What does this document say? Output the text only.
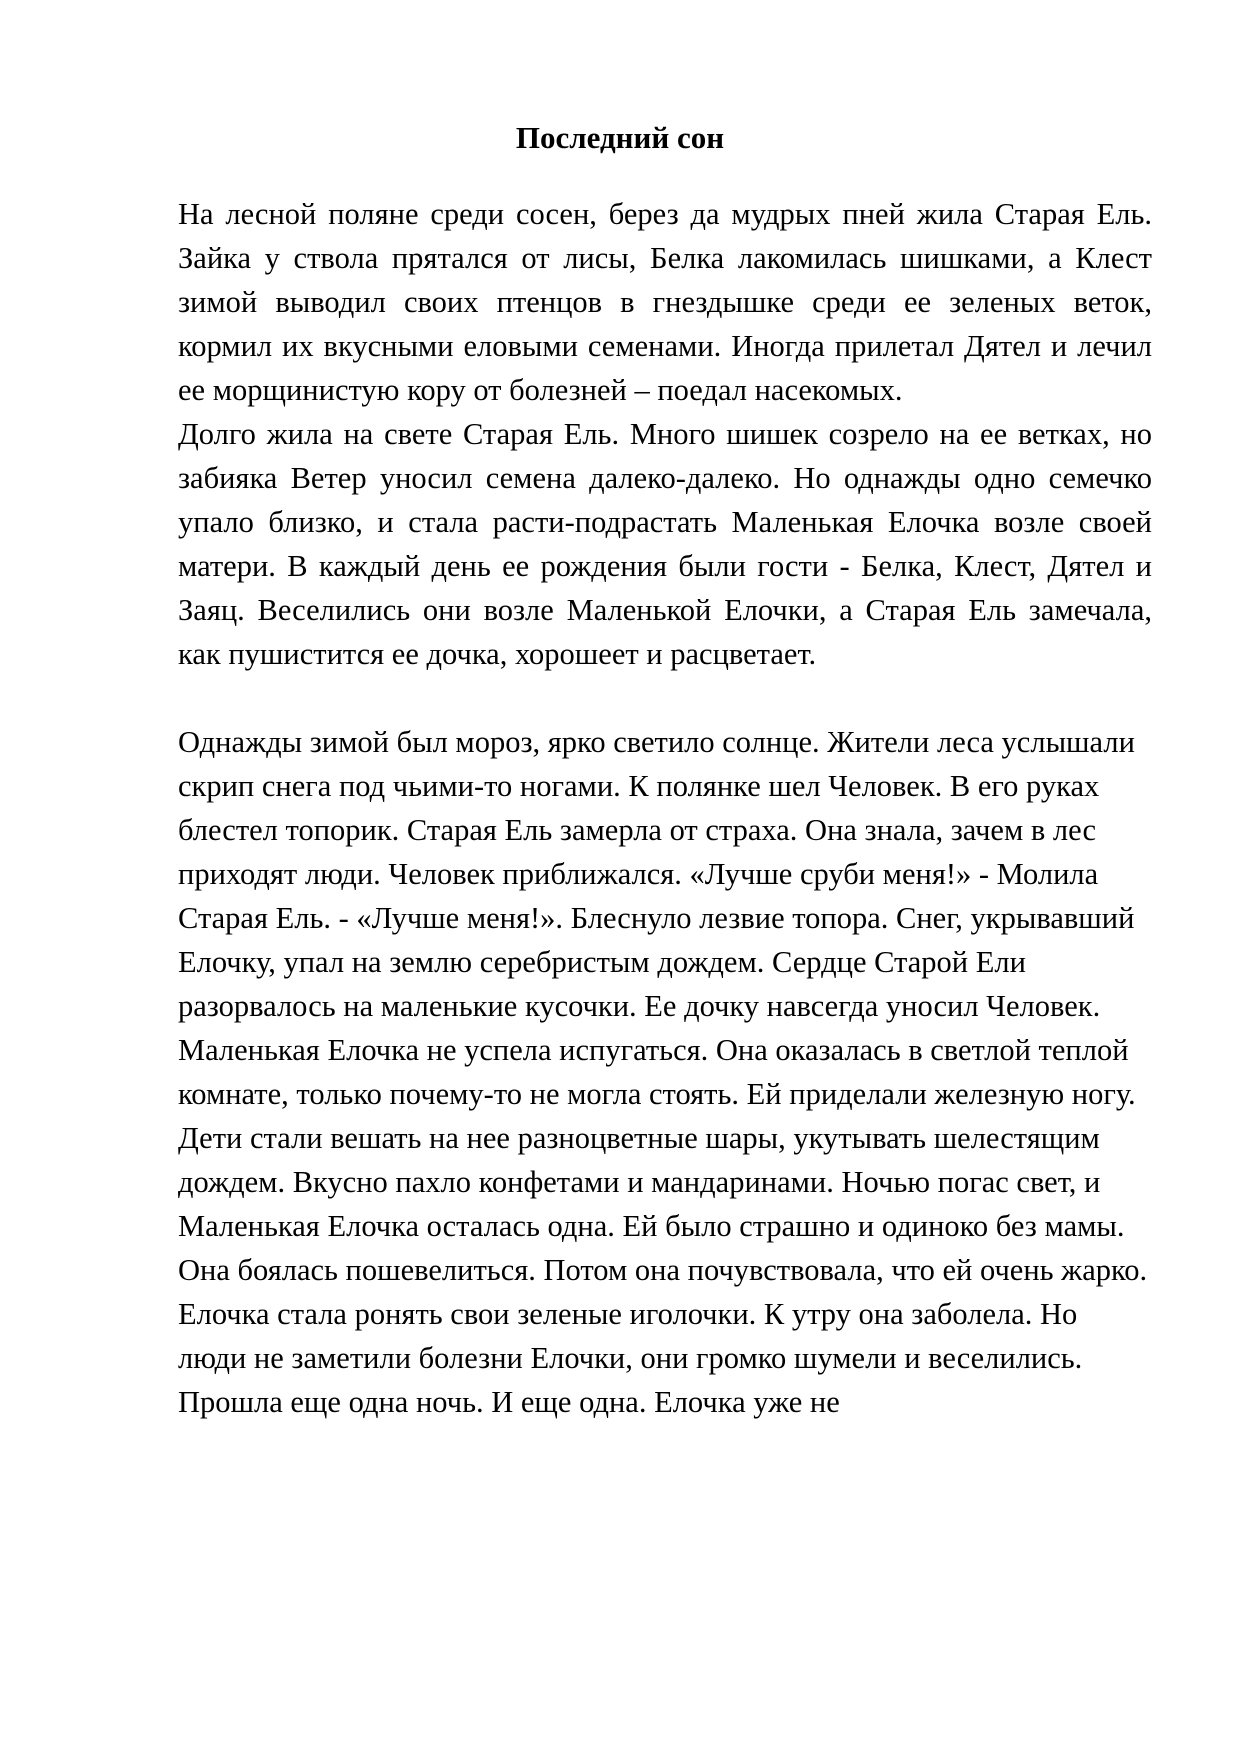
Последний сон

На лесной поляне среди сосен, берез да мудрых пней жила Старая Ель. Зайка у ствола прятался от лисы, Белка лакомилась шишками, а Клест зимой выводил своих птенцов в гнездышке среди ее зеленых веток, кормил их вкусными еловыми семенами. Иногда прилетал Дятел и лечил ее морщинистую кору от болезней – поедал насекомых.

Долго жила на свете Старая Ель. Много шишек созрело на ее ветках, но забияка Ветер уносил семена далеко-далеко. Но однажды одно семечко упало близко, и стала расти-подрастать Маленькая Елочка возле своей матери. В каждый день ее рождения были гости - Белка, Клест, Дятел и Заяц. Веселились они возле Маленькой Елочки, а Старая Ель замечала, как пушистится ее дочка, хорошеет и расцветает.

Однажды зимой был мороз, ярко светило солнце. Жители леса услышали скрип снега под чьими-то ногами. К полянке шел Человек. В его руках блестел топорик. Старая Ель замерла от страха. Она знала, зачем в лес приходят люди. Человек приближался. «Лучше сруби меня!» - Молила Старая Ель. - «Лучше меня!». Блеснуло лезвие топора. Снег, укрывавший Елочку, упал на землю серебристым дождем. Сердце Старой Ели разорвалось на маленькие кусочки. Ее дочку навсегда уносил Человек.

Маленькая Елочка не успела испугаться. Она оказалась в светлой теплой комнате, только почему-то не могла стоять. Ей приделали железную ногу. Дети стали вешать на нее разноцветные шары, укутывать шелестящим дождем. Вкусно пахло конфетами и мандаринами. Ночью погас свет, и Маленькая Елочка осталась одна. Ей было страшно и одиноко без мамы. Она боялась пошевелиться. Потом она почувствовала, что ей очень жарко. Елочка стала ронять свои зеленые иголочки. К утру она заболела. Но люди не заметили болезни Елочки, они громко шумели и веселились. Прошла еще одна ночь. И еще одна. Елочка уже не
